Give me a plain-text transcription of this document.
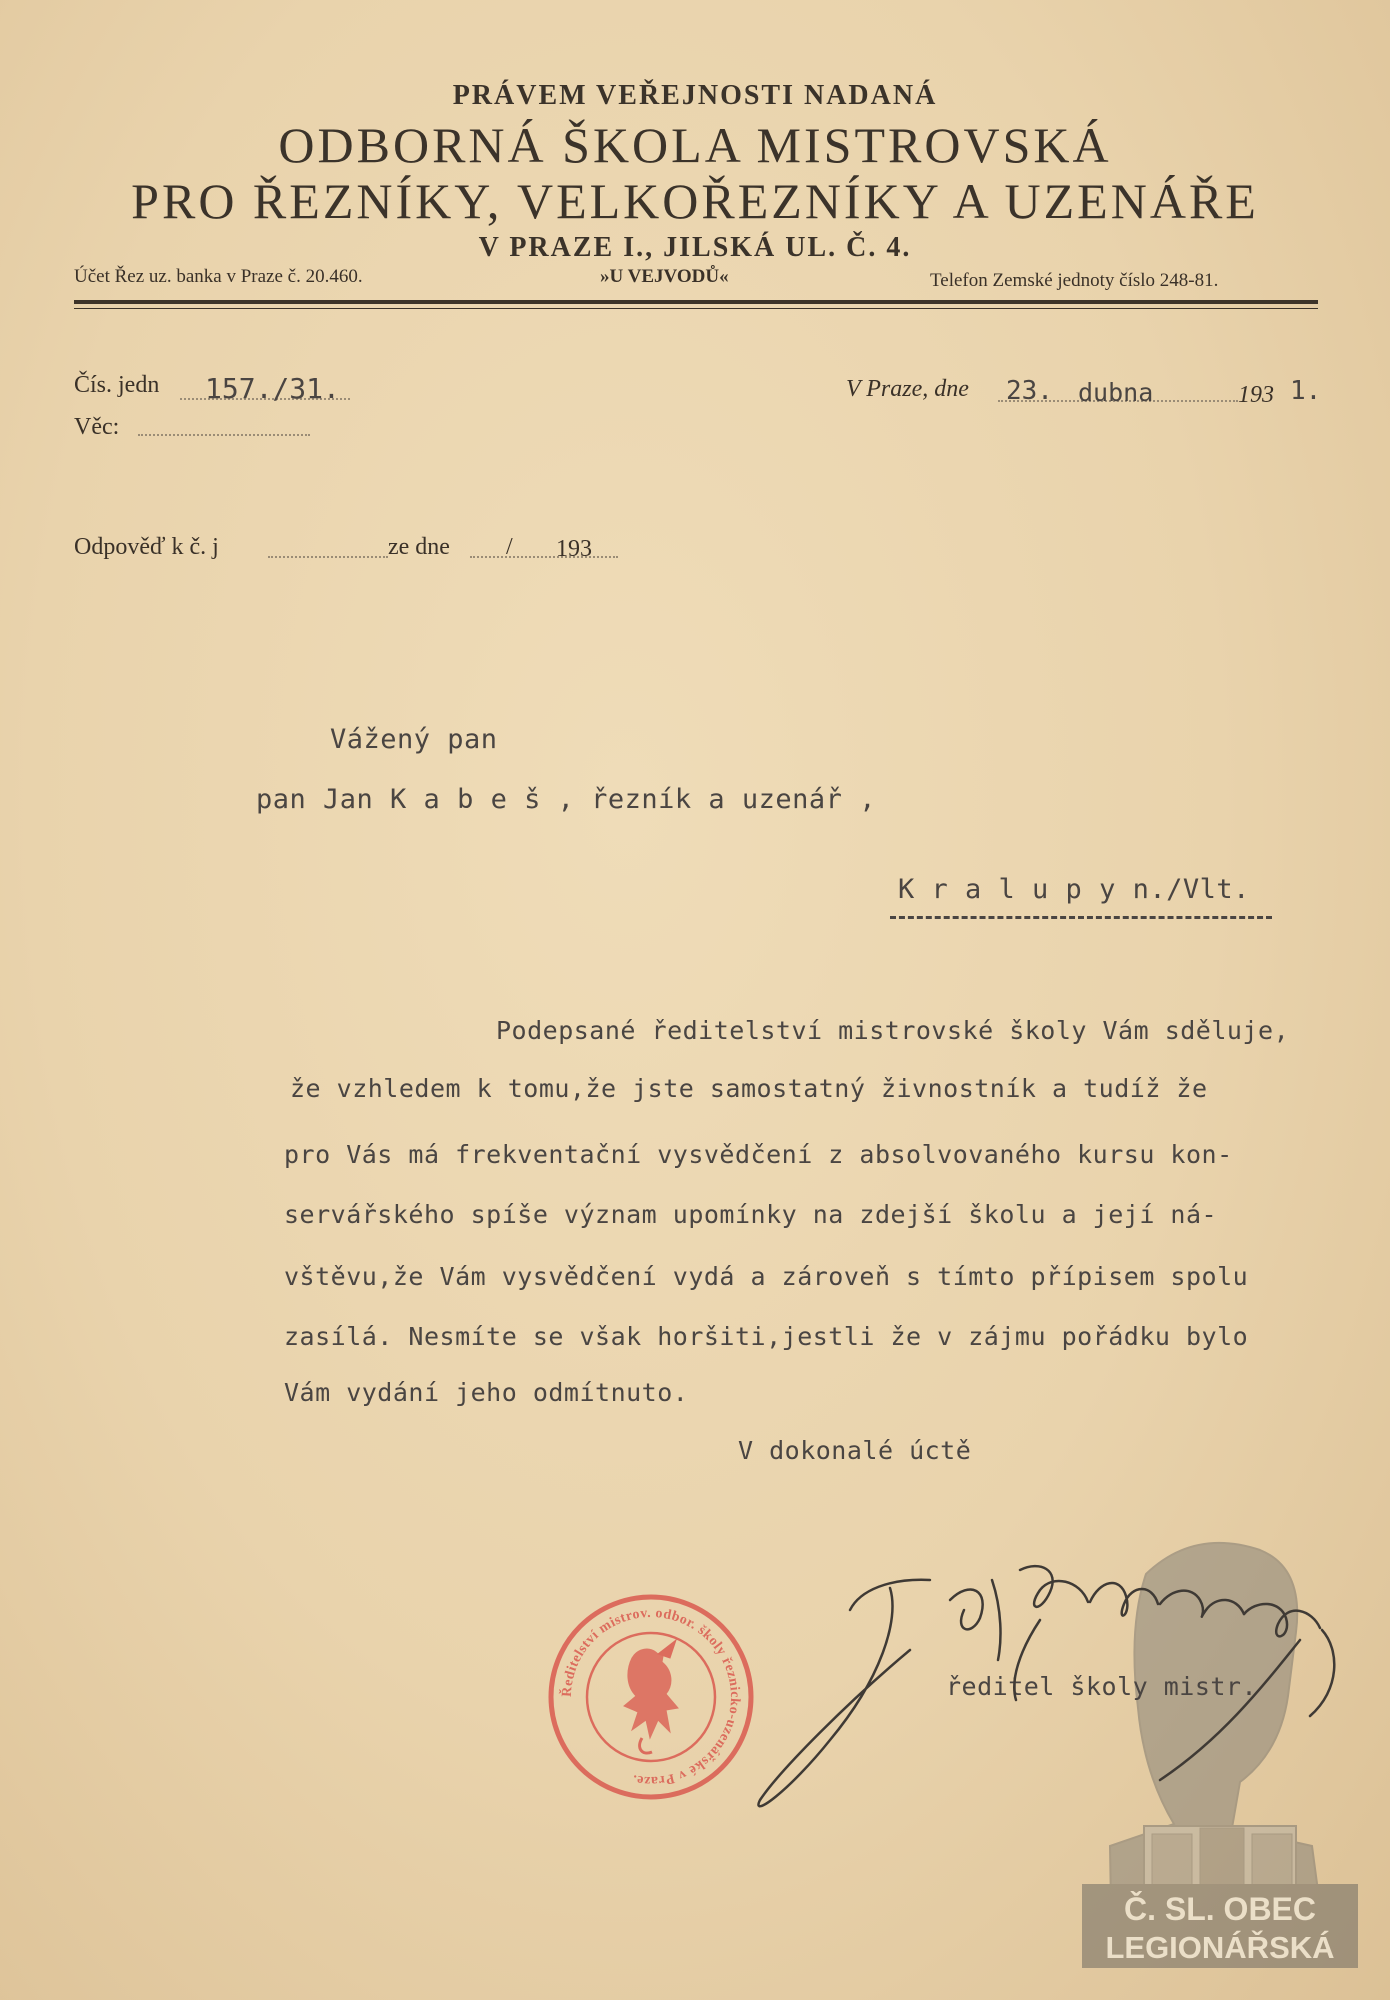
PRÁVEM VEŘEJNOSTI NADANÁ
ODBORNÁ ŠKOLA MISTROVSKÁ
PRO ŘEZNÍKY, VELKOŘEZNÍKY A UZENÁŘE
V PRAZE I., JILSKÁ UL. Č. 4.
Účet Řez uz. banka v Praze č. 20.460.	»U VEJVODŮ«	Telefon Zemské jednoty číslo 248-81.
Čís. jedn 157./31.
Věc:
V Praze, dne 23. dubna	193 1.
Odpověď k č. j	ze dne / 193
Vážený pan
pan Jan K a b e š , řezník a uzenář ,
K r a l u p y n./Vlt.
Podepsané ředitelství mistrovské školy Vám sděluje,
že vzhledem k tomu,že jste samostatný živnostník a tudíž že
pro Vás má frekventační vysvědčení z absolvovaného kursu kon-
servářského spíše význam upomínky na zdejší školu a její ná-
vštěvu,že Vám vysvědčení vydá a zároveň s tímto přípisem spolu
zasílá. Nesmíte se však horšiti,jestli že v zájmu pořádku bylo
Vám vydání jeho odmítnuto.
V dokonalé úctě
Č. SL. OBEC
LEGIONÁŘSKÁ
ředitel školy mistr.
Ředitelství mistrov. odbor. školy řeznicko-uzenářské v Praze.
